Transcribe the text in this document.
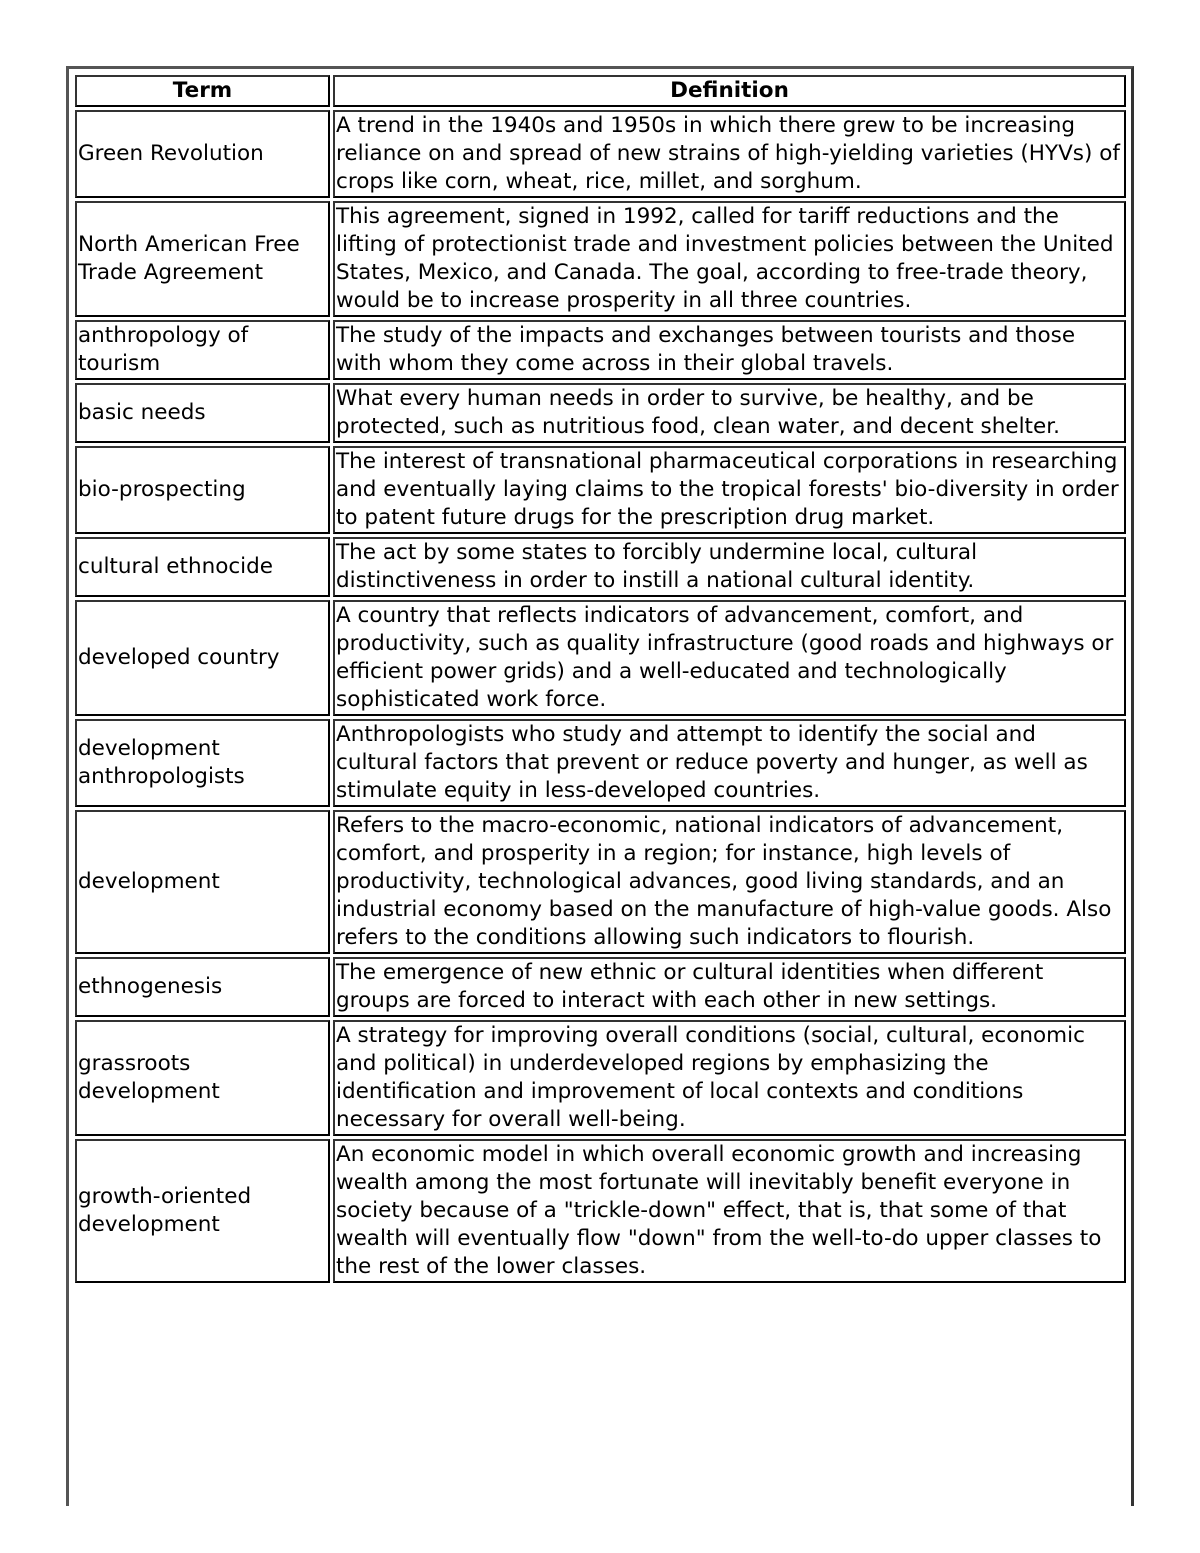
Term	Definition
Green Revolution	A trend in the 1940s and 1950s in which there grew to be increasing reliance on and spread of new strains of high-yielding varieties (HYVs) of crops like corn, wheat, rice, millet, and sorghum.
North American Free Trade Agreement	This agreement, signed in 1992, called for tariff reductions and the lifting of protectionist trade and investment policies between the United States, Mexico, and Canada. The goal, according to free-trade theory, would be to increase prosperity in all three countries.
anthropology of tourism	The study of the impacts and exchanges between tourists and those with whom they come across in their global travels.
basic needs	What every human needs in order to survive, be healthy, and be protected, such as nutritious food, clean water, and decent shelter.
bio-prospecting	The interest of transnational pharmaceutical corporations in researching and eventually laying claims to the tropical forests' bio-diversity in order to patent future drugs for the prescription drug market.
cultural ethnocide	The act by some states to forcibly undermine local, cultural distinctiveness in order to instill a national cultural identity.
developed country	A country that reflects indicators of advancement, comfort, and productivity, such as quality infrastructure (good roads and highways or efficient power grids) and a well-educated and technologically sophisticated work force.
development anthropologists	Anthropologists who study and attempt to identify the social and cultural factors that prevent or reduce poverty and hunger, as well as stimulate equity in less-developed countries.
development	Refers to the macro-economic, national indicators of advancement, comfort, and prosperity in a region; for instance, high levels of productivity, technological advances, good living standards, and an industrial economy based on the manufacture of high-value goods. Also refers to the conditions allowing such indicators to flourish.
ethnogenesis	The emergence of new ethnic or cultural identities when different groups are forced to interact with each other in new settings.
grassroots development	A strategy for improving overall conditions (social, cultural, economic and political) in underdeveloped regions by emphasizing the identification and improvement of local contexts and conditions necessary for overall well-being.
growth-oriented development	An economic model in which overall economic growth and increasing wealth among the most fortunate will inevitably benefit everyone in society because of a "trickle-down" effect, that is, that some of that wealth will eventually flow "down" from the well-to-do upper classes to the rest of the lower classes.
